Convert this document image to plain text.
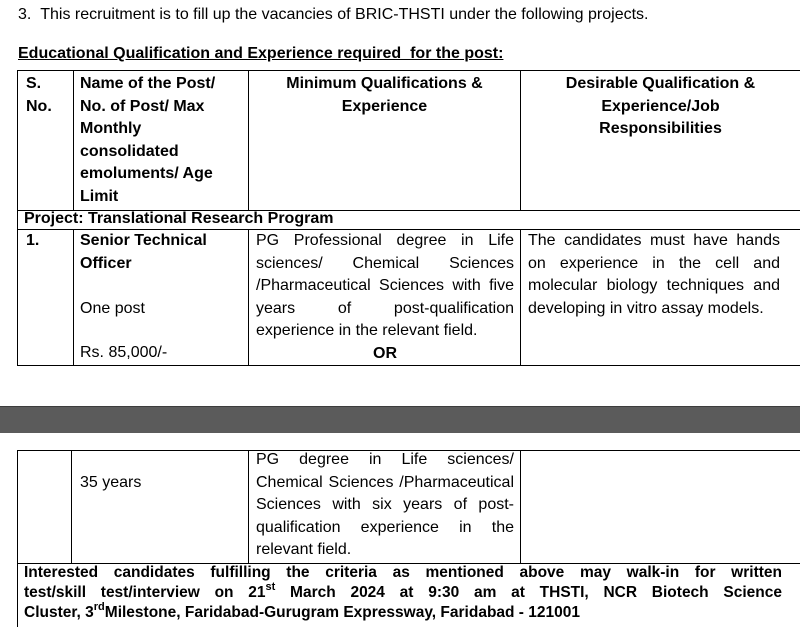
3. This recruitment is to fill up the vacancies of BRIC-THSTI under the following projects.
Educational Qualification and Experience required  for the post:
S.
No.
Name of the Post/
No. of Post/ Max
Monthly
consolidated
emoluments/ Age
Limit
Minimum Qualifications &
Experience
Desirable Qualification &
Experience/Job
Responsibilities
Project: Translational Research Program
1.	Senior Technical
Officer
One post
Rs. 85,000/-
PG Professional degree in Life
sciences/ Chemical Sciences
/Pharmaceutical Sciences with five
years of post-qualification
experience in the relevant field.
OR
The candidates must have hands
on experience in the cell and
molecular biology techniques and
developing in vitro assay models.
35 years
PG degree in Life sciences/
Chemical Sciences /Pharmaceutical
Sciences with six years of post-
qualification experience in the
relevant field.
Interested candidates fulfilling the criteria as mentioned above may walk-in for written
test/skill test/interview on 21st March 2024 at 9:30 am at THSTI, NCR Biotech Science
Cluster, 3rdMilestone, Faridabad-Gurugram Expressway, Faridabad - 121001
